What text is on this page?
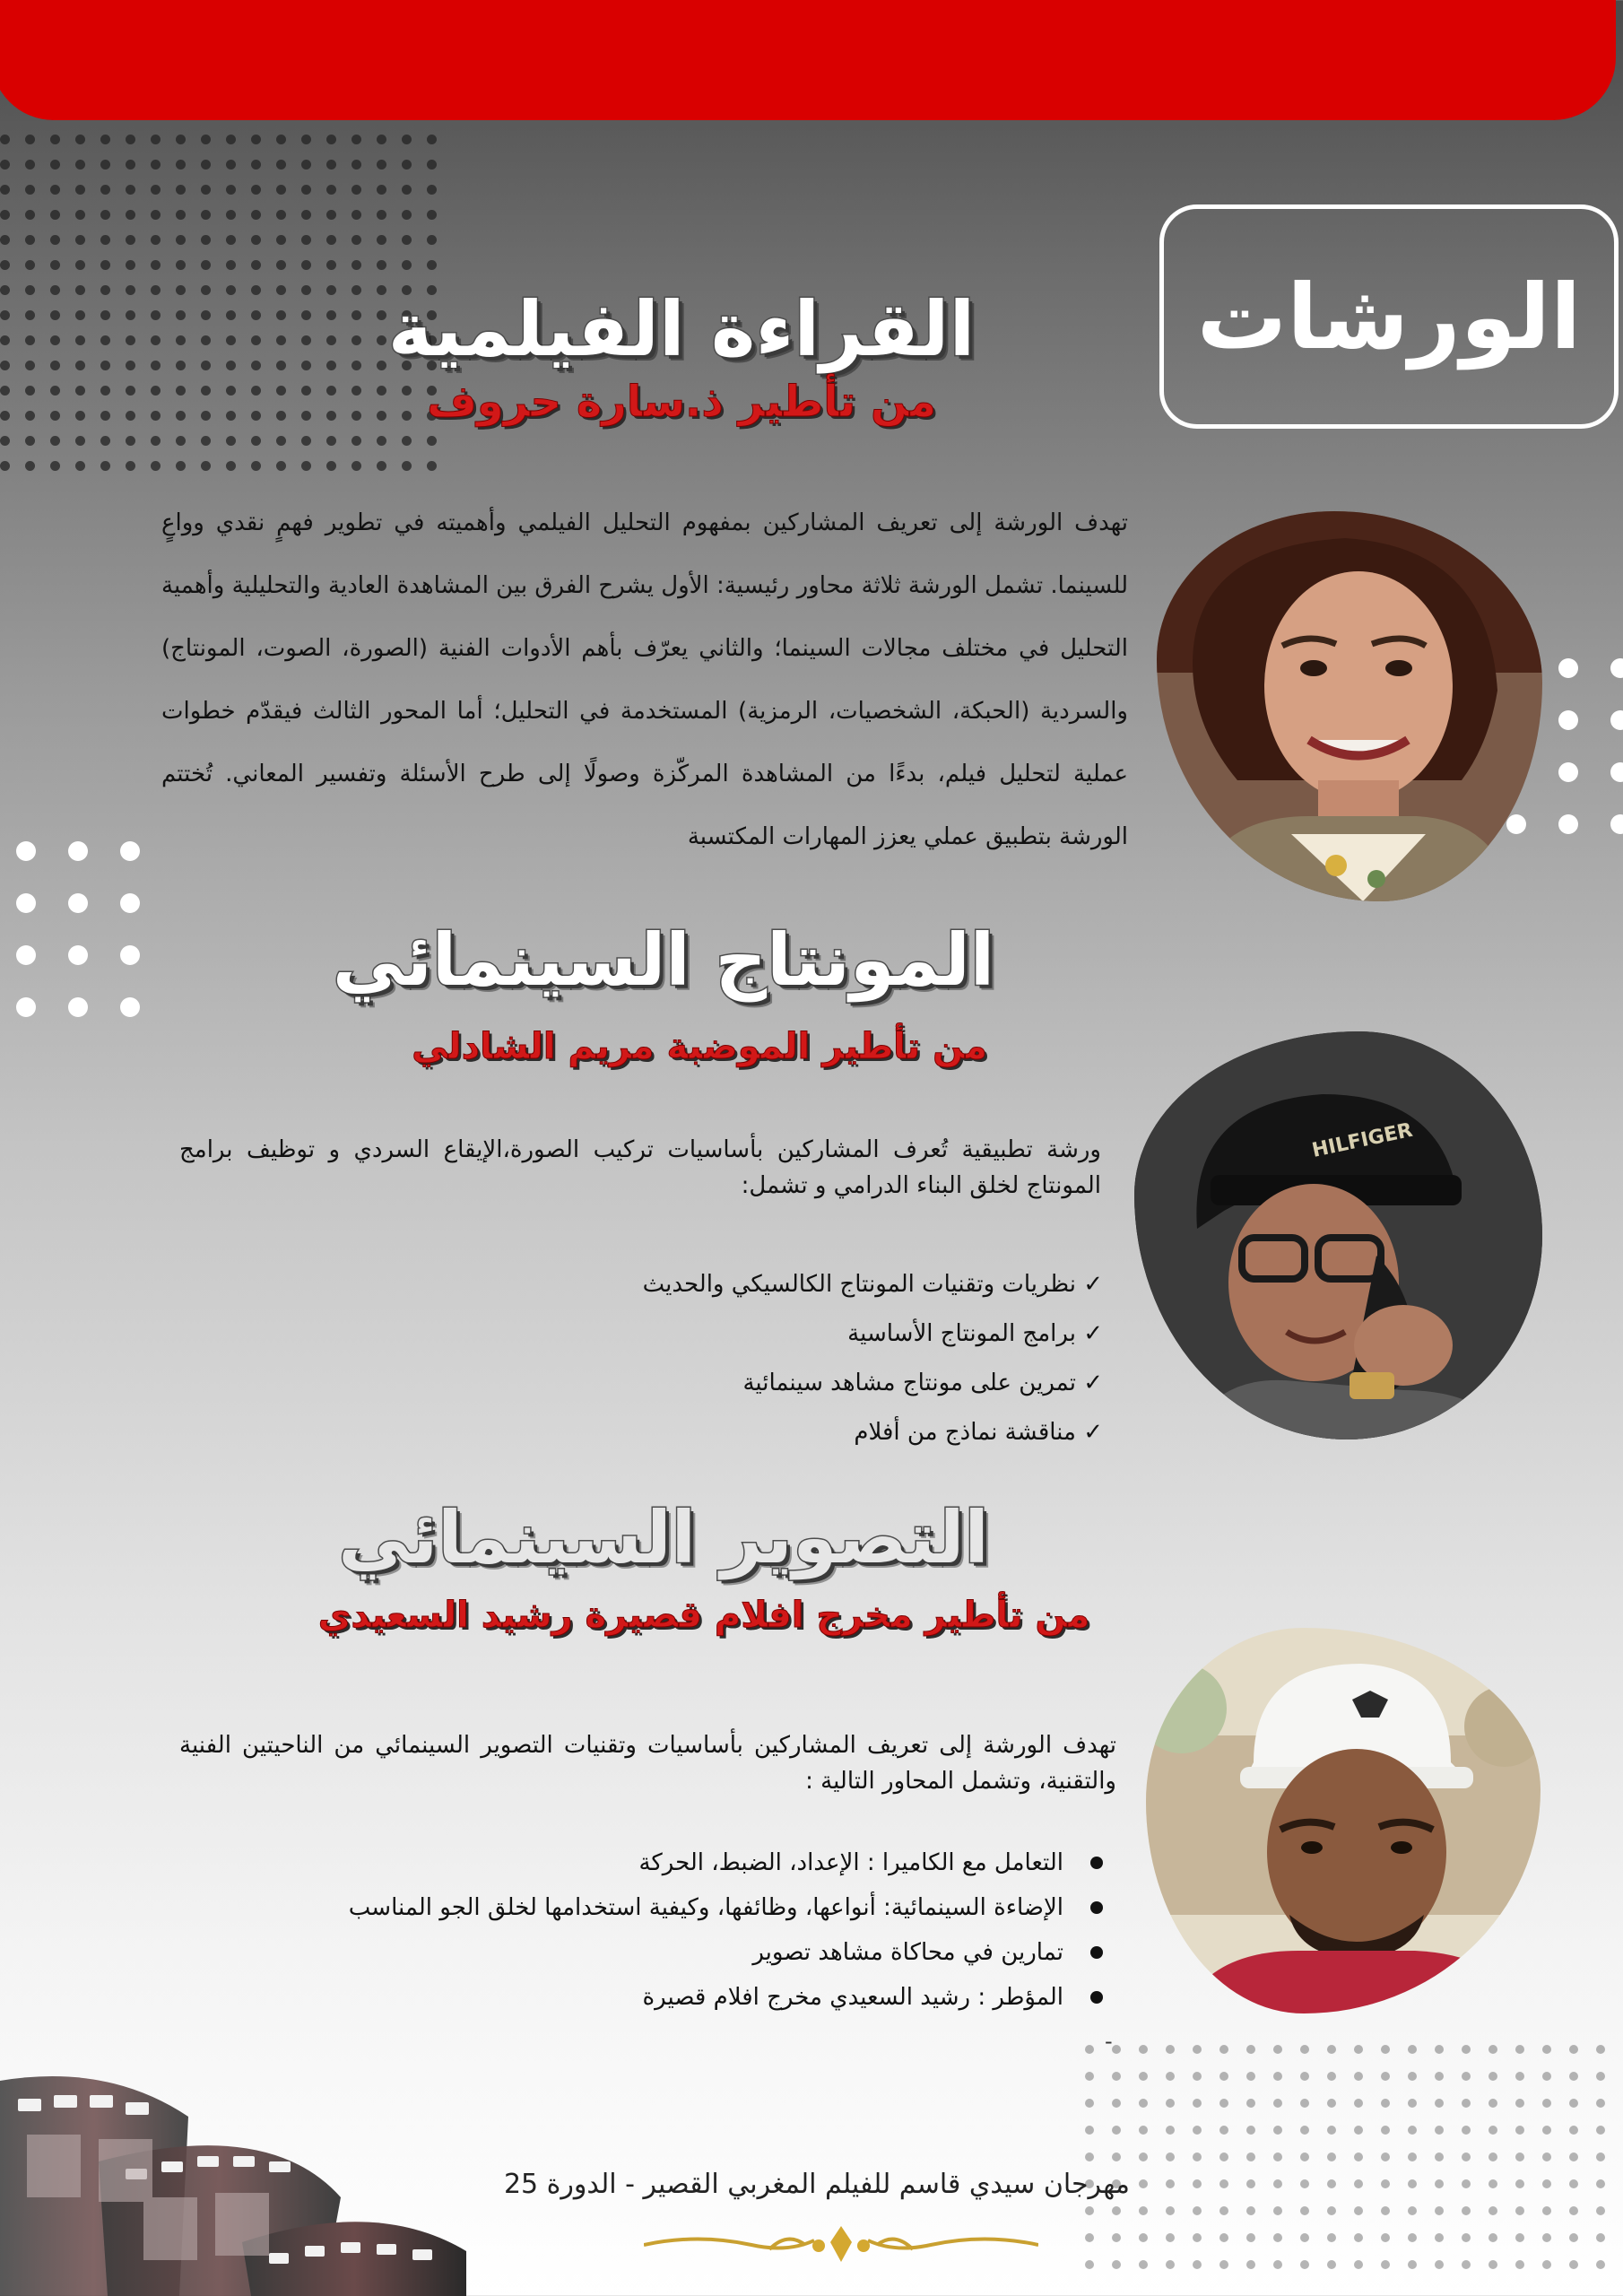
الورشات
القراءة الفيلمية
من تأطير ذ.سارة حروف
تهدف الورشة إلى تعريف المشاركين بمفهوم التحليل الفيلمي وأهميته في تطوير فهمٍ نقدي وواعٍ للسينما. تشمل الورشة ثلاثة محاور رئيسية: الأول يشرح الفرق بين المشاهدة العادية والتحليلية وأهمية التحليل في مختلف مجالات السينما؛ والثاني يعرّف بأهم الأدوات الفنية (الصورة، الصوت، المونتاج) والسردية (الحبكة، الشخصيات، الرمزية) المستخدمة في التحليل؛ أما المحور الثالث فيقدّم خطوات عملية لتحليل فيلم، بدءًا من المشاهدة المركّزة وصولًا إلى طرح الأسئلة وتفسير المعاني. تُختتم الورشة بتطبيق عملي يعزز المهارات المكتسبة
المونتاج السينمائي
من تأطير الموضبة مريم الشادلي
ورشة تطبيقية تُعرف المشاركين بأساسيات تركيب الصورة،الإيقاع السردي و توظيف برامج المونتاج لخلق البناء الدرامي و تشمل:
✓ نظريات وتقنيات المونتاج الكالسيكي والحديث
✓ برامج المونتاج الأساسية
✓ تمرين على مونتاج مشاهد سينمائية
✓ مناقشة نماذج من أفلام
HILFIGER
التصوير السينمائي
من تأطير مخرج افلام قصيرة رشيد السعيدي
تهدف الورشة إلى تعريف المشاركين بأساسيات وتقنيات التصوير السينمائي من الناحيتين الفنية والتقنية، وتشمل المحاور التالية :
التعامل مع الكاميرا : الإعداد، الضبط، الحركة
الإضاءة السينمائية: أنواعها، وظائفها، وكيفية استخدامها لخلق الجو المناسب
تمارين في محاكاة مشاهد تصوير
المؤطر : رشيد السعيدي مخرج افلام قصيرة
-
مهرجان سيدي قاسم للفيلم المغربي القصير - الدورة 25
